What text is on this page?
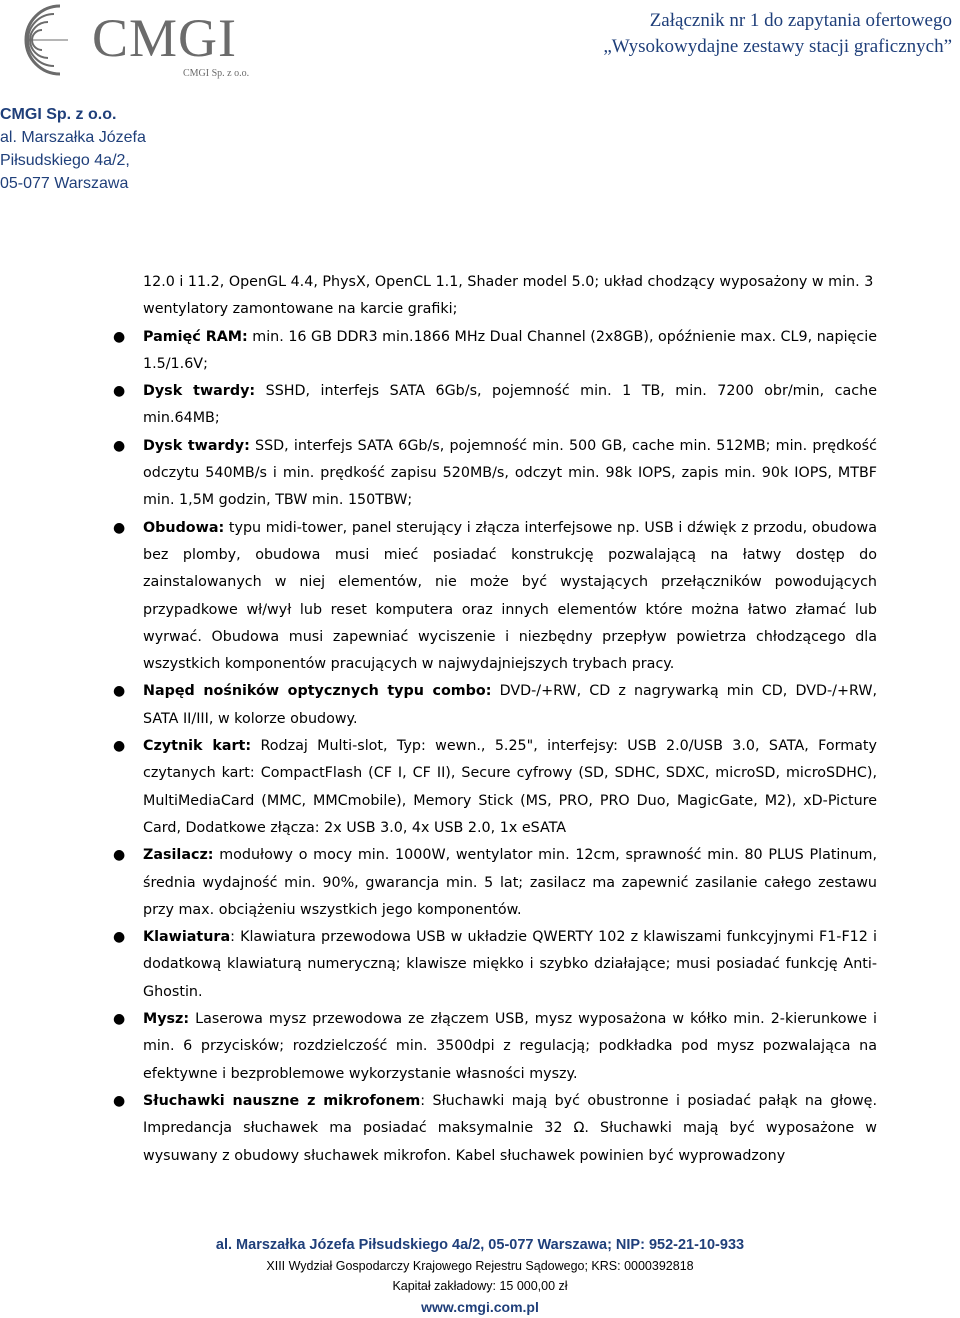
CMGI
CMGI Sp. z o.o.
Załącznik nr 1 do zapytania ofertowego
„Wysokowydajne zestawy stacji graficznych”
CMGI Sp. z o.o.
al. Marszałka Józefa
Piłsudskiego 4a/2,
05-077 Warszawa

12.0 i 11.2, OpenGL 4.4, PhysX, OpenCL 1.1, Shader model 5.0; układ chodzący wyposażony w min. 3 wentylatory zamontowane na karcie grafiki;

● Pamięć RAM: min. 16 GB DDR3 min.1866 MHz Dual Channel (2x8GB), opóźnienie max. CL9, napięcie 1.5/1.6V;
● Dysk twardy: SSHD, interfejs SATA 6Gb/s, pojemność min. 1 TB, min. 7200 obr/min, cache min.64MB;
● Dysk twardy: SSD, interfejs SATA 6Gb/s, pojemność min. 500 GB, cache min. 512MB; min. prędkość odczytu 540MB/s i min. prędkość zapisu 520MB/s, odczyt min. 98k IOPS, zapis min. 90k IOPS, MTBF min. 1,5M godzin, TBW min. 150TBW;
● Obudowa: typu midi-tower, panel sterujący i złącza interfejsowe np. USB i dźwięk z przodu, obudowa bez plomby, obudowa musi mieć posiadać konstrukcję pozwalającą na łatwy dostęp do zainstalowanych w niej elementów, nie może być wystających przełączników powodujących przypadkowe wł/wył lub reset komputera oraz innych elementów które można łatwo złamać lub wyrwać. Obudowa musi zapewniać wyciszenie i niezbędny przepływ powietrza chłodzącego dla wszystkich komponentów pracujących w najwydajniejszych trybach pracy.
● Napęd nośników optycznych typu combo: DVD-/+RW, CD z nagrywarką min CD, DVD-/+RW, SATA II/III, w kolorze obudowy.
● Czytnik kart: Rodzaj Multi-slot, Typ: wewn., 5.25", interfejsy: USB 2.0/USB 3.0, SATA, Formaty czytanych kart: CompactFlash (CF I, CF II), Secure cyfrowy (SD, SDHC, SDXC, microSD, microSDHC), MultiMediaCard (MMC, MMCmobile), Memory Stick (MS, PRO, PRO Duo, MagicGate, M2), xD-Picture Card, Dodatkowe złącza: 2x USB 3.0, 4x USB 2.0, 1x eSATA
● Zasilacz: modułowy o mocy min. 1000W, wentylator min. 12cm, sprawność min. 80 PLUS Platinum, średnia wydajność min. 90%, gwarancja min. 5 lat; zasilacz ma zapewnić zasilanie całego zestawu przy max. obciążeniu wszystkich jego komponentów.
● Klawiatura: Klawiatura przewodowa USB w układzie QWERTY 102 z klawiszami funkcyjnymi F1-F12 i dodatkową klawiaturą numeryczną; klawisze miękko i szybko działające; musi posiadać funkcję Anti-Ghostin.
● Mysz: Laserowa mysz przewodowa ze złączem USB, mysz wyposażona w kółko min. 2-kierunkowe i min. 6 przycisków; rozdzielczość min. 3500dpi z regulacją; podkładka pod mysz pozwalająca na efektywne i bezproblemowe wykorzystanie własności myszy.
● Słuchawki nauszne z mikrofonem: Słuchawki mają być obustronne i posiadać pałąk na głowę. Impredancja słuchawek ma posiadać maksymalnie 32 Ω. Słuchawki mają być wyposażone w wysuwany z obudowy słuchawek mikrofon. Kabel słuchawek powinien być wyprowadzony
al. Marszałka Józefa Piłsudskiego 4a/2, 05-077 Warszawa; NIP: 952-21-10-933
XIII Wydział Gospodarczy Krajowego Rejestru Sądowego; KRS: 0000392818
Kapitał zakładowy: 15 000,00 zł
www.cmgi.com.pl
